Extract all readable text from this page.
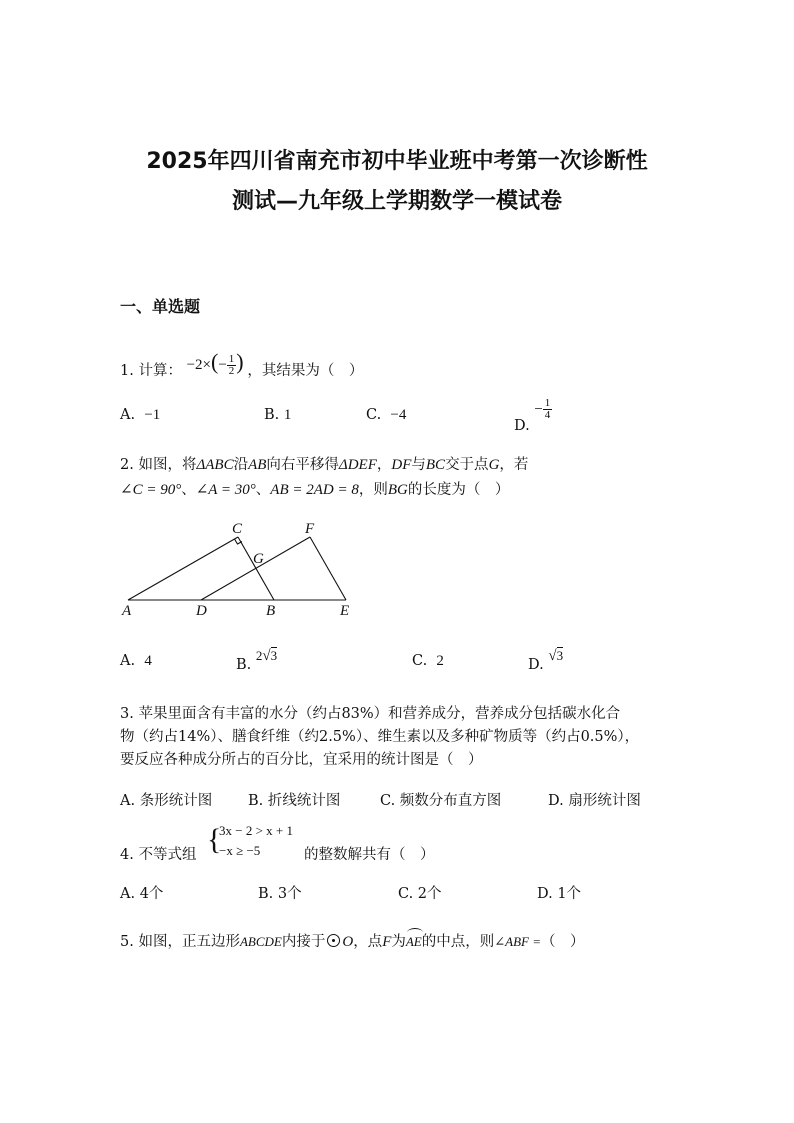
2025年四川省南充市初中毕业班中考第一次诊断性
测试—九年级上学期数学一模试卷
一、单选题
1. 计算： $-2\times(- \frac{1}{2}$ ) ，其结果为（　）
A. −1	B. 1	C. −4
D. − $\frac{1}{4}$
2. 如图，将ΔABC沿AB向右平移得ΔDEF，DF与BC交于点G，若
∠C = 90°、∠A = 30°、AB = 2AD = 8，则BG的长度为（　）
A	D	B	E
C	F
G
A. 4	B. 2√3	C. 2	D. √3
3. 苹果里面含有丰富的水分（约占83%）和营养成分，营养成分包括碳水化合
物（约占14%）、膳食纤维（约2.5%）、维生素以及多种矿物质等（约占0.5%），
要反应各种成分所占的百分比，宜采用的统计图是（　）
A. 条形统计图 B. 折线统计图	C. 频数分布直方图	D. 扇形统计图
4. 不等式组 {
3x − 2 > x + 1
−x ≥ −5	的整数解共有（　）
A. 4个	B. 3个	C. 2个	D. 1个
5. 如图，正五边形ABCDE内接于 O，点F为
AE的中点，则∠ABF =（　）
